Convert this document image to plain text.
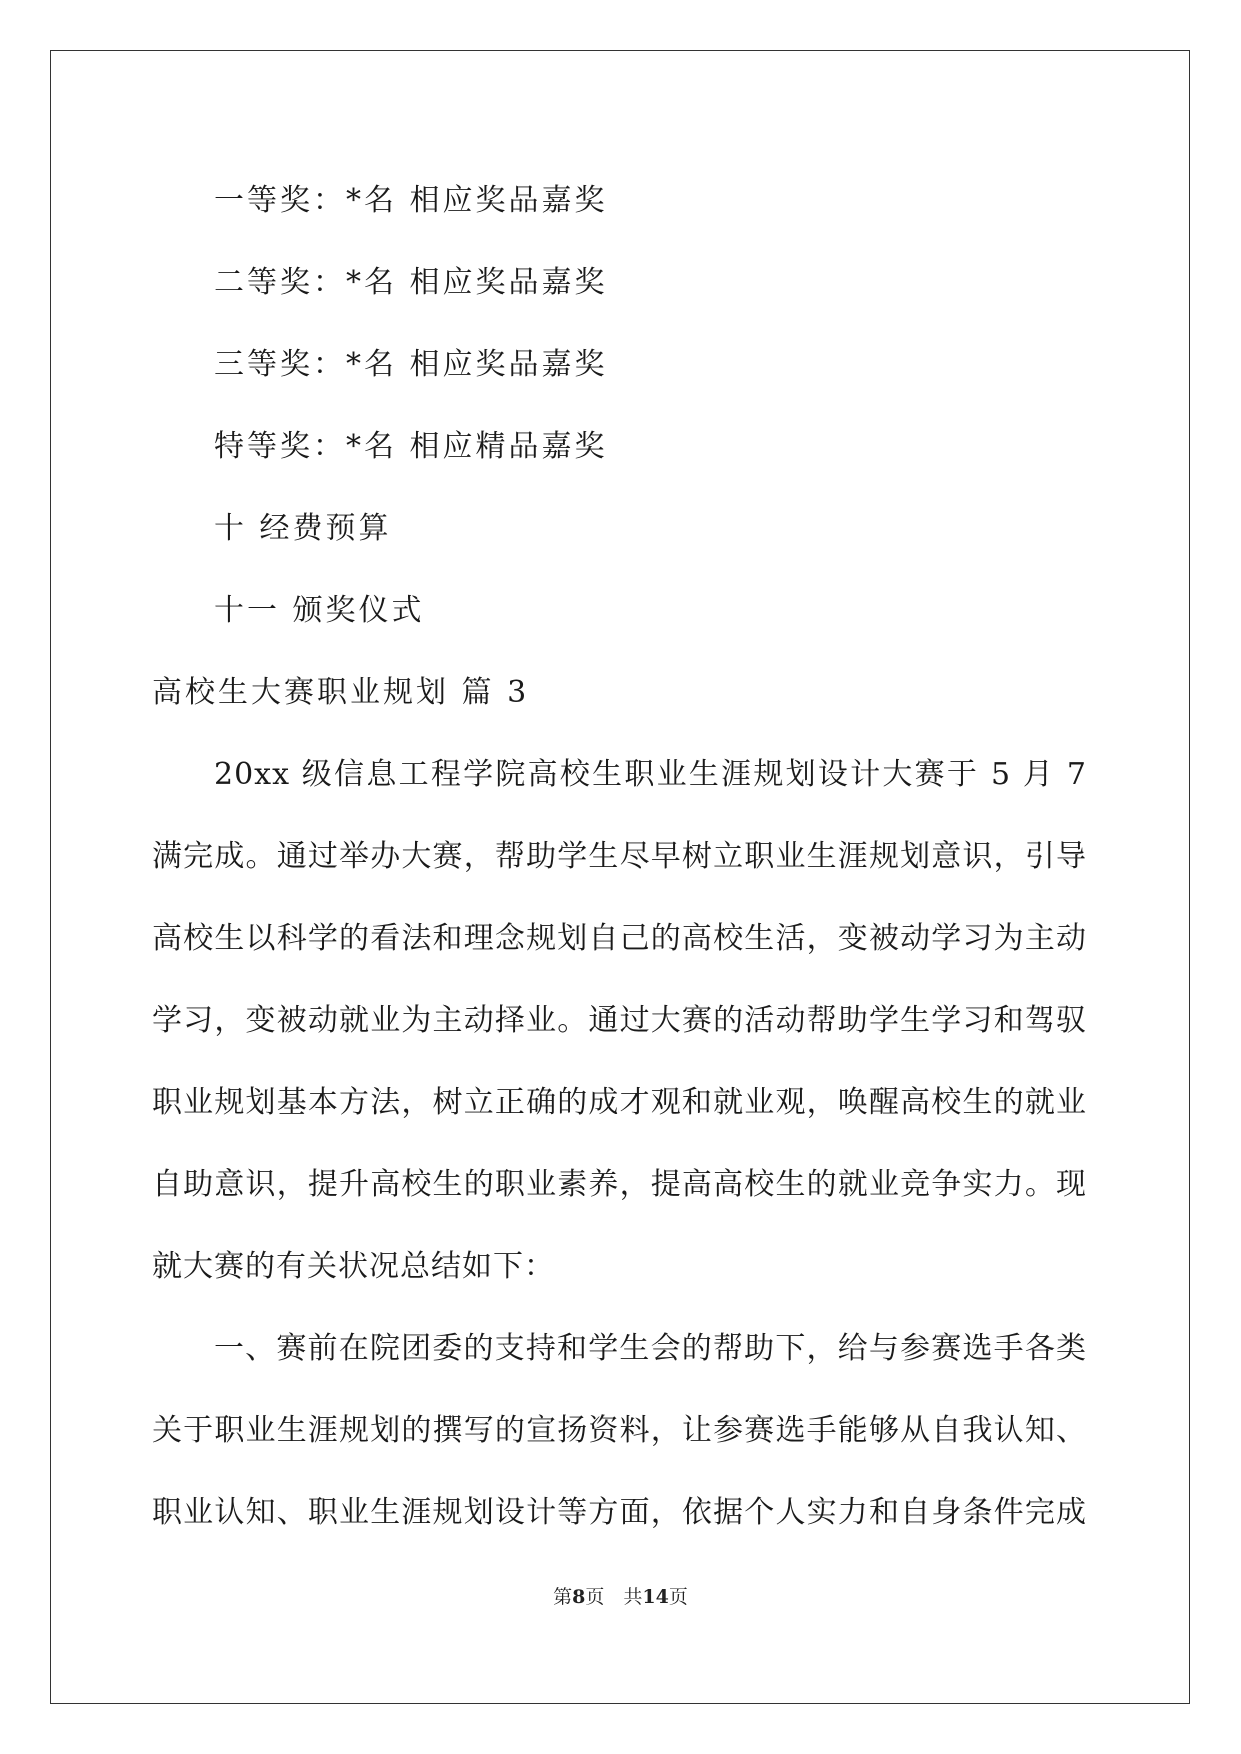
一等奖：*名 相应奖品嘉奖
二等奖：*名 相应奖品嘉奖
三等奖：*名 相应奖品嘉奖
特等奖：*名 相应精品嘉奖
十 经费预算
十一 颁奖仪式
高校生大赛职业规划 篇 3
20xx 级信息工程学院高校生职业生涯规划设计大赛于 5 月 7
满完成。通过举办大赛，帮助学生尽早树立职业生涯规划意识，引导
高校生以科学的看法和理念规划自己的高校生活，变被动学习为主动
学习，变被动就业为主动择业。通过大赛的活动帮助学生学习和驾驭
职业规划基本方法，树立正确的成才观和就业观，唤醒高校生的就业
自助意识，提升高校生的职业素养，提高高校生的就业竞争实力。现
就大赛的有关状况总结如下：
一、赛前在院团委的支持和学生会的帮助下，给与参赛选手各类
关于职业生涯规划的撰写的宣扬资料，让参赛选手能够从自我认知、
职业认知、职业生涯规划设计等方面，依据个人实力和自身条件完成
第8页　共14页
